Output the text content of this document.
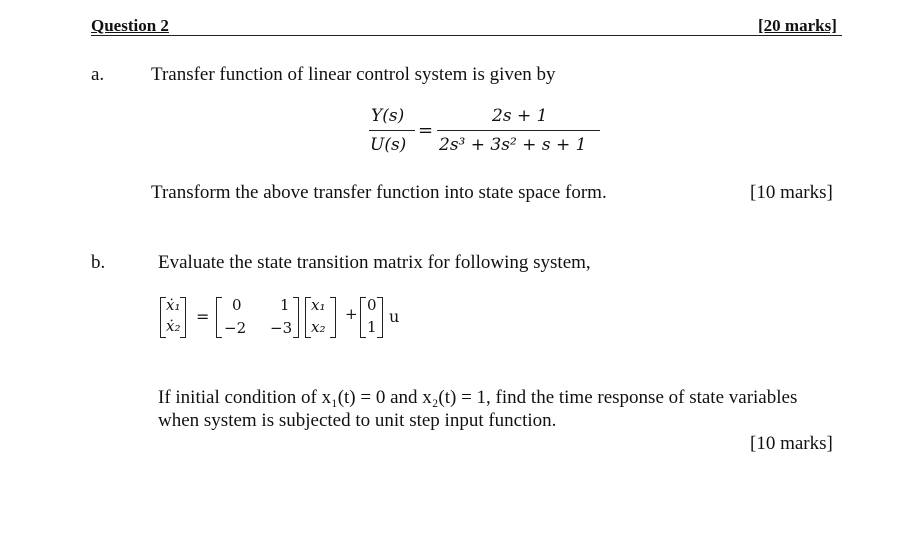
Question 2	[20 marks]
a. Transfer function of linear control system is given by
Y(s)
U(s)
=
2s + 1
2s³ + 3s² + s + 1
Transform the above transfer function into state space form.	[10 marks]
b.	Evaluate the state transition matrix for following system,
ẋ₁
ẋ₂ =
0	1
−2 −3
x₁
x₂
+ 0
1
u
If initial condition of x₁(t) = 0 and x₂(t) = 1, find the time response of state variables
when system is subjected to unit step input function.
[10 marks]
